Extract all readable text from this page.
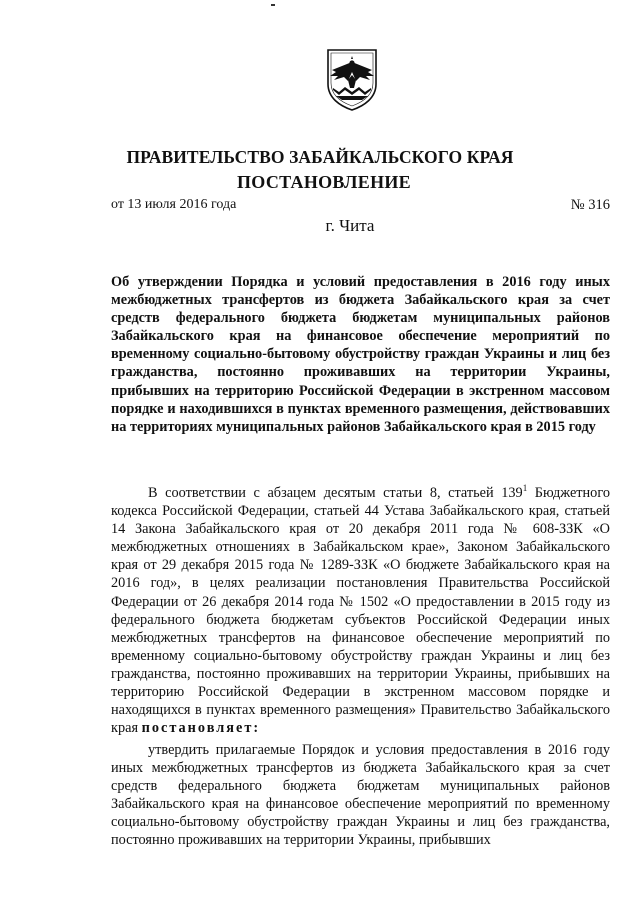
ПРАВИТЕЛЬСТВО ЗАБАЙКАЛЬСКОГО КРАЯ
ПОСТАНОВЛЕНИЕ
от 13 июля 2016 года	№ 316
г. Чита

Об утверждении Порядка и условий предоставления в 2016 году иных межбюджетных трансфертов из бюджета Забайкальского края за счет средств федерального бюджета бюджетам муниципальных районов Забайкальского края на финансовое обеспечение мероприятий по временному социально-бытовому обустройству граждан Украины и лиц без гражданства, постоянно проживавших на территории Украины, прибывших на территорию Российской Федерации в экстренном массовом порядке и находившихся в пунктах временного размещения, действовавших на территориях муниципальных районов Забайкальского края в 2015 году

В соответствии с абзацем десятым статьи 8, статьей $139^1$ Бюджетного кодекса Российской Федерации, статьей 44 Устава Забайкальского края, статьей 14 Закона Забайкальского края от 20 декабря 2011 года № 608-ЗЗК «О межбюджетных отношениях в Забайкальском крае», Законом Забайкальского края от 29 декабря 2015 года № 1289-ЗЗК «О бюджете Забайкальского края на 2016 год», в целях реализации постановления Правительства Российской Федерации от 26 декабря 2014 года № 1502 «О предоставлении в 2015 году из федерального бюджета бюджетам субъектов Российской Федерации иных межбюджетных трансфертов на финансовое обеспечение мероприятий по временному социально-бытовому обустройству граждан Украины и лиц без гражданства, постоянно проживавших на территории Украины, прибывших на территорию Российской Федерации в экстренном массовом порядке и находящихся в пунктах временного размещения» Правительство Забайкальского края постановляет:

утвердить прилагаемые Порядок и условия предоставления в 2016 году иных межбюджетных трансфертов из бюджета Забайкальского края за счет средств федерального бюджета бюджетам муниципальных районов Забайкальского края на финансовое обеспечение мероприятий по временному социально-бытовому обустройству граждан Украины и лиц без гражданства, постоянно проживавших на территории Украины, прибывших
